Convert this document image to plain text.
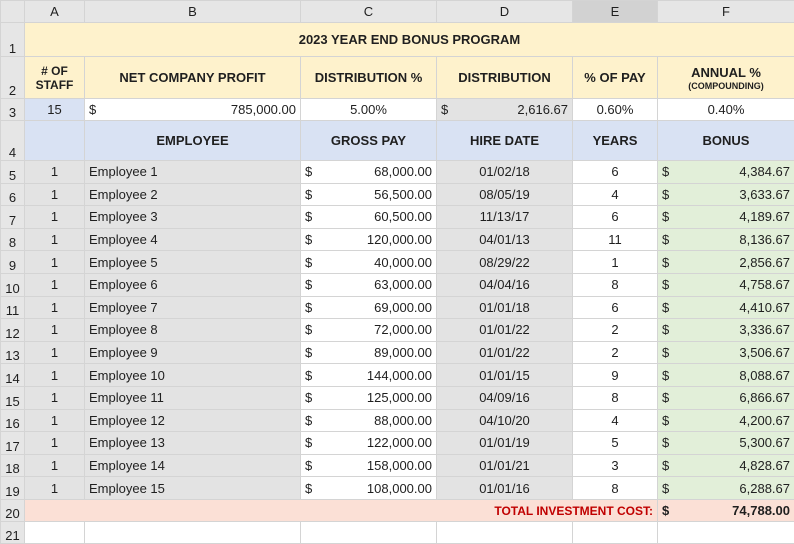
	A	B	C	D	E	F
1	2023 YEAR END BONUS PROGRAM					
2	# OF STAFF	NET COMPANY PROFIT	DISTRIBUTION %	DISTRIBUTION	% OF PAY	ANNUAL %
(COMPOUNDING)

3	15	$ 785,000.00	5.00%	$ 2,616.67	0.60%	0.40%
4		EMPLOYEE	GROSS PAY	HIRE DATE	YEARS	BONUS
5	1	Employee 1	$ 68,000.00	01/02/18	6	$ 4,384.67

6	1	Employee 2	$ 56,500.00	08/05/19	4	$ 3,633.67

7	1	Employee 3	$ 60,500.00	11/13/17	6	$ 4,189.67

8	1	Employee 4	$ 120,000.00	04/01/13	11	$ 8,136.67

9	1	Employee 5	$ 40,000.00	08/29/22	1	$ 2,856.67

10	1	Employee 6	$ 63,000.00	04/04/16	8	$ 4,758.67

11	1	Employee 7	$ 69,000.00	01/01/18	6	$ 4,410.67

12	1	Employee 8	$ 72,000.00	01/01/22	2	$ 3,336.67

13	1	Employee 9	$ 89,000.00	01/01/22	2	$ 3,506.67

14	1	Employee 10	$ 144,000.00	01/01/15	9	$ 8,088.67

15	1	Employee 11	$ 125,000.00	04/09/16	8	$ 6,866.67

16	1	Employee 12	$ 88,000.00	04/10/20	4	$ 4,200.67

17	1	Employee 13	$ 122,000.00	01/01/19	5	$ 5,300.67

18	1	Employee 14	$ 158,000.00	01/01/21	3	$ 4,828.67

19	1	Employee 15	$ 108,000.00	01/01/16	8	$ 6,288.67

20	TOTAL INVESTMENT COST:					$ 74,788.00

21						
